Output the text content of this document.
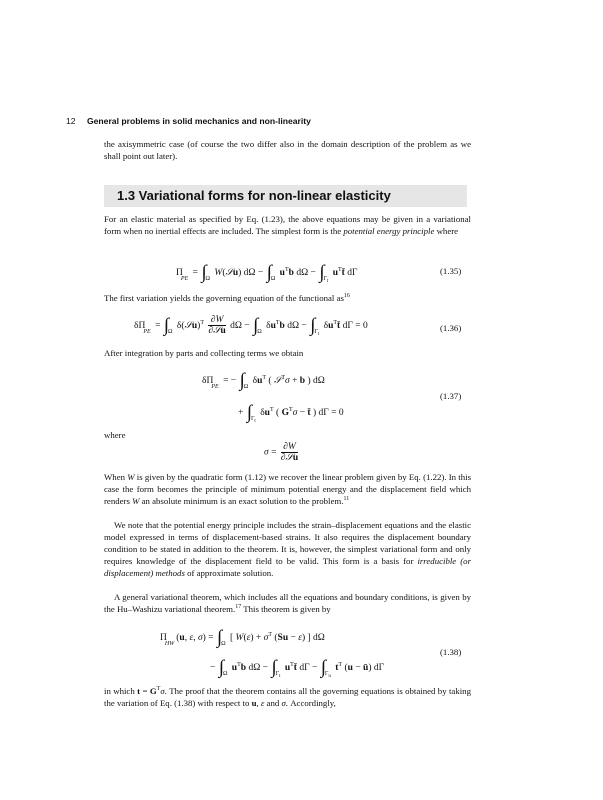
12 General problems in solid mechanics and non-linearity

the axisymmetric case (of course the two differ also in the domain description of the problem as we shall point out later).

1.3 Variational forms for non-linear elasticity

For an elastic material as specified by Eq. (1.23), the above equations may be given in a variational form when no inertial effects are included. The simplest form is the potential energy principle where

$\Pi_{PE} = \int_\Omega$ W(𝒮u) $d\Omega - \int_\Omega$ $u^Tb$ $d\Omega - \int_{\Gamma_t}$ $u^Tt̄$ dΓ	(1.35)

The first variation yields the governing equation of the functional $as^{16}$

$\delta\Pi_{PE} = \int_\Omega$ δ(𝒮u)$^T$ $\frac{\partial W}{\text{∂𝒮u}}$ $d\Omega - \int_\Omega$ $\delta u^Tb$ $d\Omega - \int_{\Gamma_t}$ $\delta u^Tt̄$ dΓ = 0	(1.36)

After integration by parts and collecting terms we obtain

$\delta\Pi_{PE}$ = − $\int_\Omega$ $\delta u^T$ ( 𝒮$^T$σ + b ) dΩ
+ $\int_{\Gamma_t}$ $\delta u^T$ ( $G^T\sigma$ − t̄ ) dΓ = 0
(1.37)

where

$\sigma = \frac{\partial W}{\text{∂𝒮u}}$

When W is given by the quadratic form (1.12) we recover the linear problem given by Eq. (1.22). In this case the form becomes the principle of minimum potential energy and the displacement field which renders W an absolute minimum is an exact solution to the problem.$^{11}$

We note that the potential energy principle includes the strain–displacement equations and the elastic model expressed in terms of displacement-based strains. It also requires the displacement boundary condition to be stated in addition to the theorem. It is, however, the simplest variational form and only requires knowledge of the displacement field to be valid. This form is a basis for irreducible (or displacement) methods of approximate solution.

A general variational theorem, which includes all the equations and boundary conditions, is given by the Hu–Washizu variational theorem.$^{17}$ This theorem is given by

$\Pi_{HW}(u$, ε, $\sigma) = \int_\Omega$ [ $W(\varepsilon) + \sigma^T$ (Su − ε) ] dΩ
− $\int_\Omega$ $u^Tb$ $d\Omega - \int_{\Gamma_t}$ $u^Tt̄$ $d\Gamma - \int_{\Gamma_u}$ $t^T$ (u − ū) dΓ
(1.38)

in which $t = G^T\sigma$. The proof that the theorem contains all the governing equations is obtained by taking the variation of Eq. (1.38) with respect to u, ε and σ. Accordingly,
